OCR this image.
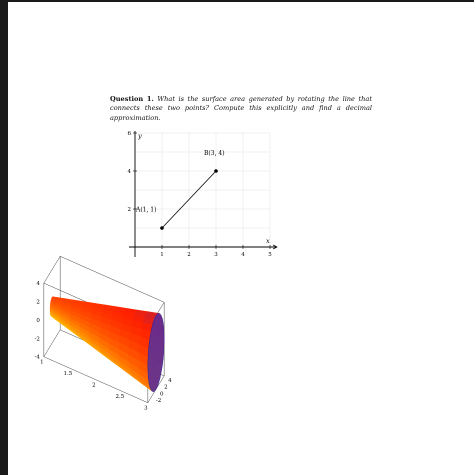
Question 1. What is the surface area generated by rotating the line that connects these two points? Compute this explicitly and find a decimal approximation.
x
y
1	2	3	4	5
2
4
6
A(1, 1)
B(3, 4)
1
1.5
2
2.5
3
-2
0
2
4
-4
-2
0
2
4
